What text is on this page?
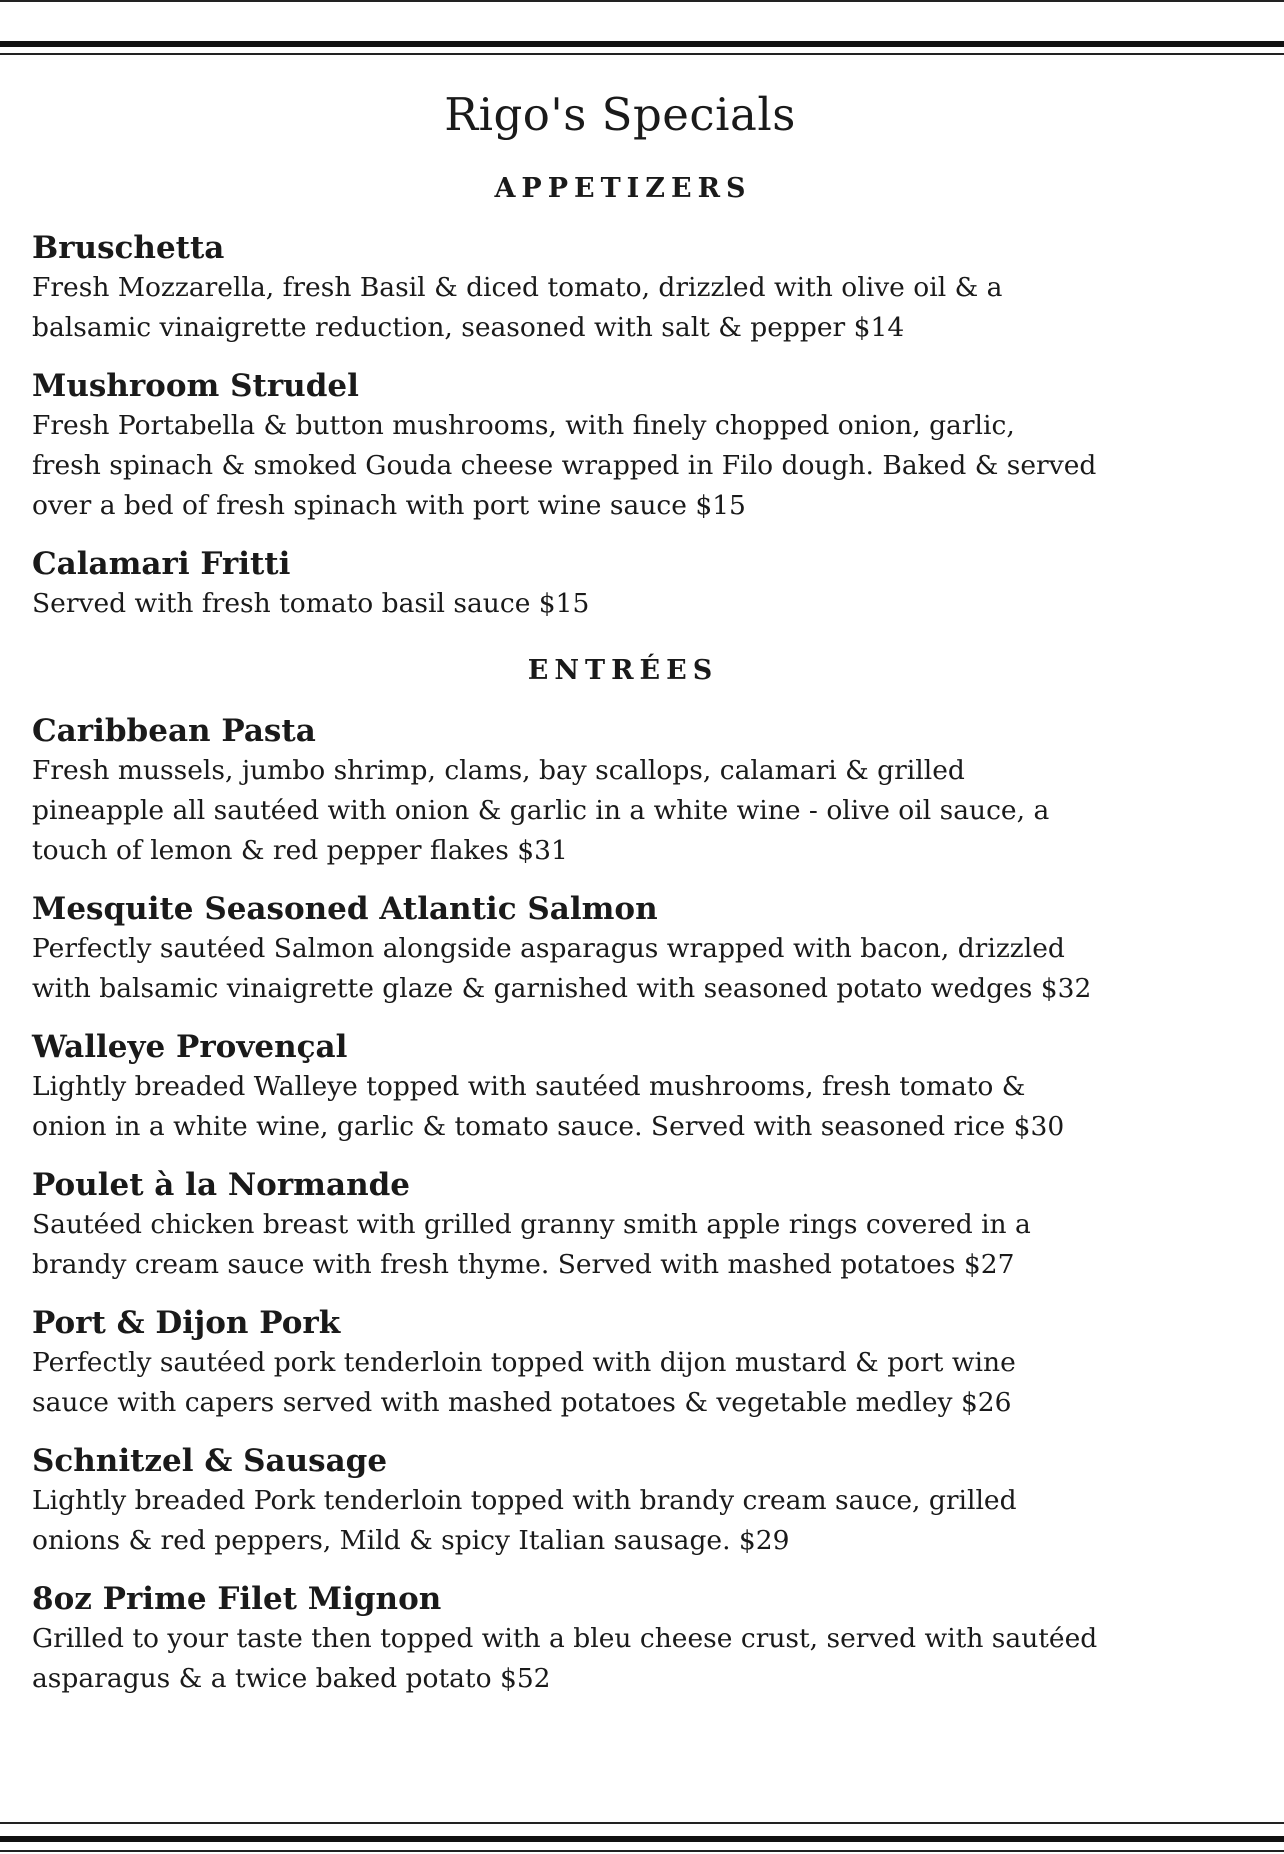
Rigo's Specials
APPETIZERS
Bruschetta
Fresh Mozzarella, fresh Basil & diced tomato, drizzled with olive oil & a
balsamic vinaigrette reduction, seasoned with salt & pepper $14
Mushroom Strudel
Fresh Portabella & button mushrooms, with finely chopped onion, garlic,
fresh spinach & smoked Gouda cheese wrapped in Filo dough. Baked & served
over a bed of fresh spinach with port wine sauce $15
Calamari Fritti
Served with fresh tomato basil sauce $15
ENTRÉES
Caribbean Pasta
Fresh mussels, jumbo shrimp, clams, bay scallops, calamari & grilled
pineapple all sautéed with onion & garlic in a white wine - olive oil sauce, a
touch of lemon & red pepper flakes $31
Mesquite Seasoned Atlantic Salmon
Perfectly sautéed Salmon alongside asparagus wrapped with bacon, drizzled
with balsamic vinaigrette glaze & garnished with seasoned potato wedges $32
Walleye Provençal
Lightly breaded Walleye topped with sautéed mushrooms, fresh tomato &
onion in a white wine, garlic & tomato sauce. Served with seasoned rice $30
Poulet à la Normande
Sautéed chicken breast with grilled granny smith apple rings covered in a
brandy cream sauce with fresh thyme. Served with mashed potatoes $27
Port & Dijon Pork
Perfectly sautéed pork tenderloin topped with dijon mustard & port wine
sauce with capers served with mashed potatoes & vegetable medley $26
Schnitzel & Sausage
Lightly breaded Pork tenderloin topped with brandy cream sauce, grilled
onions & red peppers, Mild & spicy Italian sausage. $29
8oz Prime Filet Mignon
Grilled to your taste then topped with a bleu cheese crust, served with sautéed
asparagus & a twice baked potato $52
